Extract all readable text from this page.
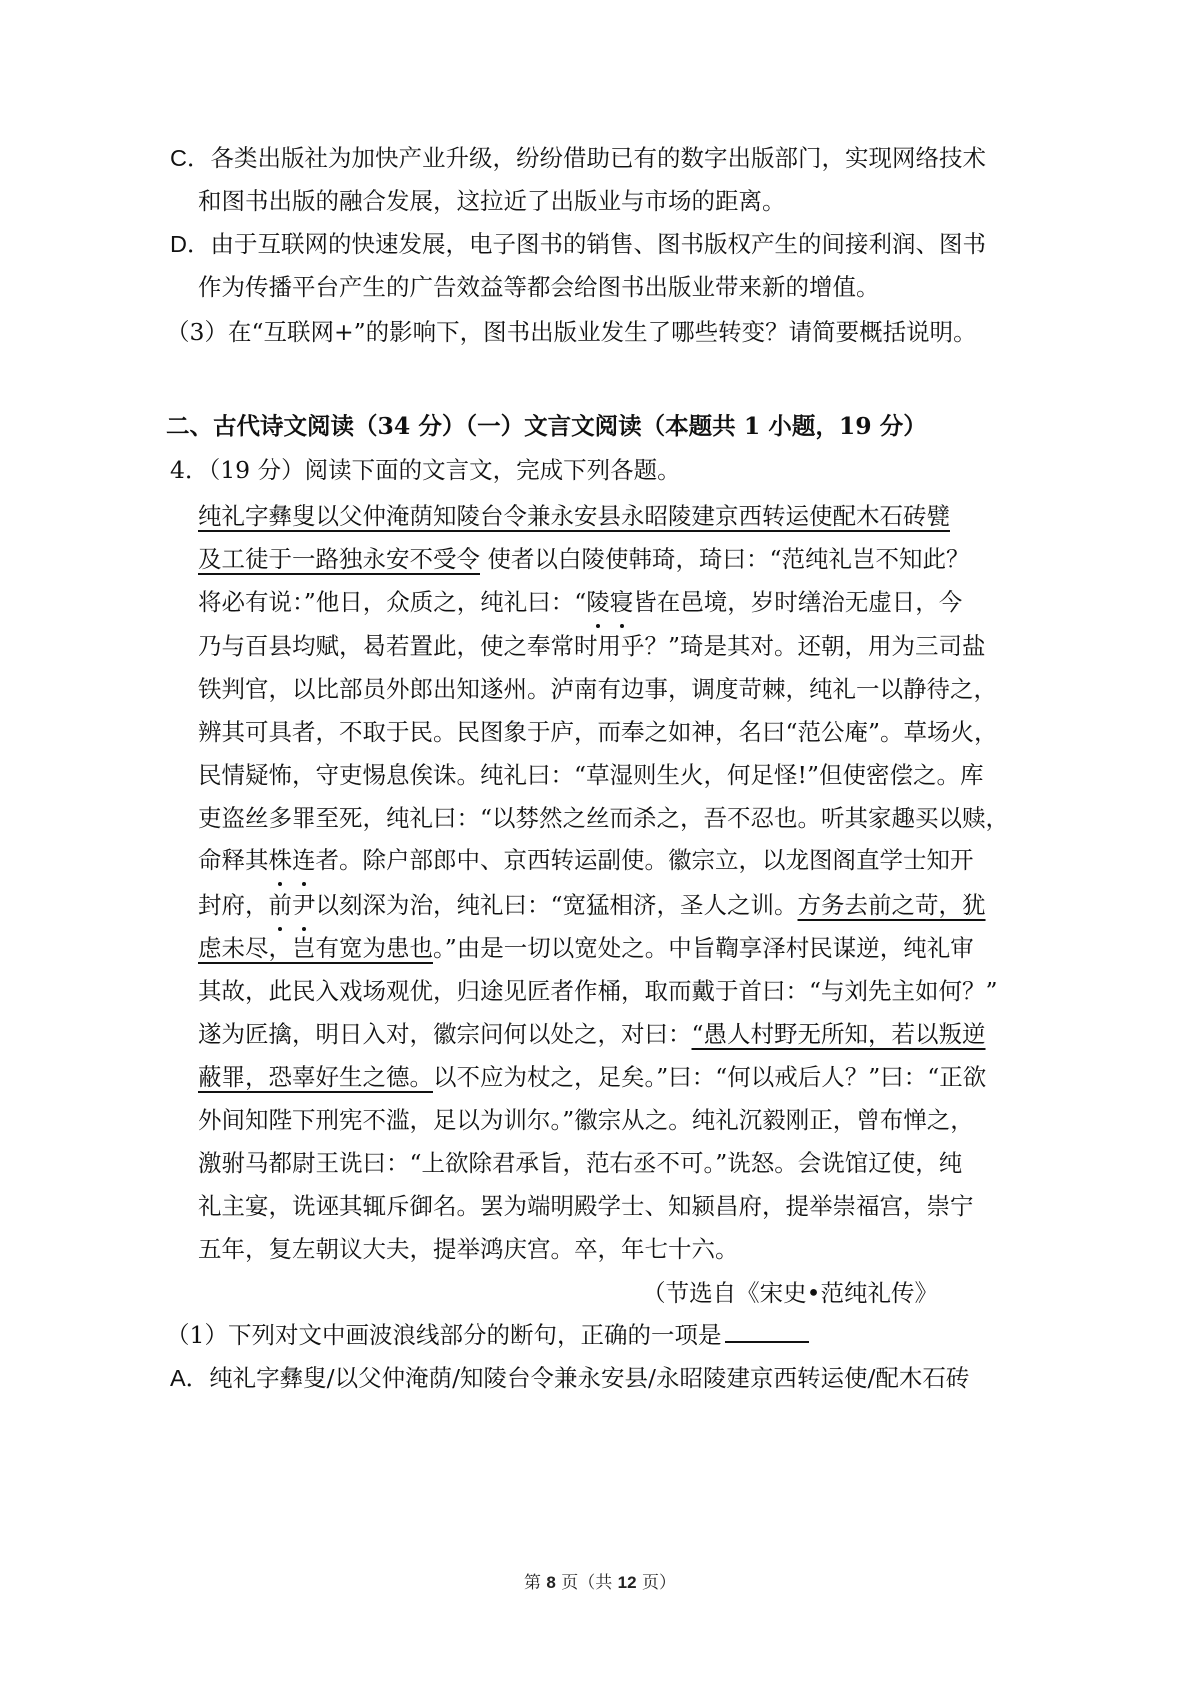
C．各类出版社为加快产业升级，纷纷借助已有的数字出版部门，实现网络技术
和图书出版的融合发展，这拉近了出版业与市场的距离。
D．由于互联网的快速发展，电子图书的销售、图书版权产生的间接利润、图书
作为传播平台产生的广告效益等都会给图书出版业带来新的增值。
（3）在“互联网+”的影响下，图书出版业发生了哪些转变？请简要概括说明。
二、古代诗文阅读（34 分）（一）文言文阅读（本题共 1 小题，19 分）
4．（19 分）阅读下面的文言文，完成下列各题。
纯礼字彝叟以父仲淹荫知陵台令兼永安县永昭陵建京西转运使配木石砖甓
及工徒于一路独永安不受令 使者以白陵使韩琦，琦曰：“范纯礼岂不知此？
将必有说：”他日，众质之，纯礼曰：“陵寝皆在邑境，岁时缮治无虚日，今
乃与百县均赋，曷若置此，使之奉常时用乎？”琦是其对。还朝，用为三司盐
铁判官，以比部员外郎出知遂州。泸南有边事，调度苛棘，纯礼一以静待之，
辨其可具者，不取于民。民图象于庐，而奉之如神，名曰“范公庵”。草场火，
民情疑怖，守吏惕息俟诛。纯礼曰：“草湿则生火，何足怪!”但使密偿之。库
吏盗丝多罪至死，纯礼曰：“以棼然之丝而杀之，吾不忍也。听其家趣买以赎，
命释其株连者。除户部郎中、京西转运副使。徽宗立，以龙图阁直学士知开
封府，前尹以刻深为治，纯礼曰：“宽猛相济，圣人之训。方务去前之苛，犹
虑未尽，岂有宽为患也。”由是一切以宽处之。中旨鞫享泽村民谋逆，纯礼审
其故，此民入戏场观优，归途见匠者作桶，取而戴于首曰：“与刘先主如何？”
遂为匠擒，明日入对，徽宗问何以处之，对曰：“愚人村野无所知，若以叛逆
蔽罪，恐辜好生之德。以不应为杖之，足矣。”曰：“何以戒后人？”曰：“正欲
外间知陛下刑宪不滥，足以为训尔。”徽宗从之。纯礼沉毅刚正，曾布惮之，
激驸马都尉王诜曰：“上欲除君承旨，范右丞不可。”诜怒。会诜馆辽使，纯
礼主宴，诜诬其辄斥御名。罢为端明殿学士、知颍昌府，提举崇福宫，崇宁
五年，复左朝议大夫，提举鸿庆宫。卒，年七十六。
（节选自《宋史•范纯礼传》
（1）下列对文中画波浪线部分的断句，正确的一项是
A．纯礼字彝叟/以父仲淹荫/知陵台令兼永安县/永昭陵建京西转运使/配木石砖
第 8 页（共 12 页）
